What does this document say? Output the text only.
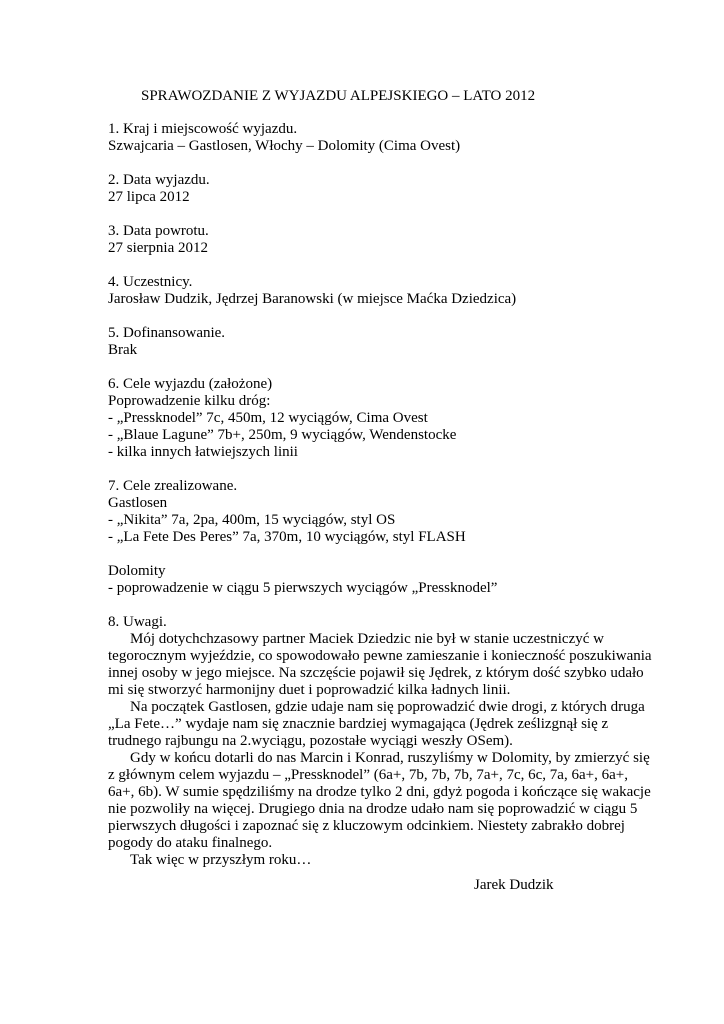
SPRAWOZDANIE Z WYJAZDU ALPEJSKIEGO – LATO 2012
1. Kraj i miejscowość wyjazdu.
Szwajcaria – Gastlosen, Włochy – Dolomity (Cima Ovest)
2. Data wyjazdu.
27 lipca 2012
3. Data powrotu.
27 sierpnia 2012
4. Uczestnicy.
Jarosław Dudzik, Jędrzej Baranowski (w miejsce Maćka Dziedzica)
5. Dofinansowanie.
Brak
6. Cele wyjazdu (założone)
Poprowadzenie kilku dróg:
- „Pressknodel” 7c, 450m, 12 wyciągów, Cima Ovest
- „Blaue Lagune” 7b+, 250m, 9 wyciągów, Wendenstocke
- kilka innych łatwiejszych linii
7. Cele zrealizowane.
Gastlosen
- „Nikita” 7a, 2pa, 400m, 15 wyciągów, styl OS
- „La Fete Des Peres” 7a, 370m, 10 wyciągów, styl FLASH
Dolomity
- poprowadzenie w ciągu 5 pierwszych wyciągów „Pressknodel”
8. Uwagi.
Mój dotychchzasowy partner Maciek Dziedzic nie był w stanie uczestniczyć w
tegorocznym wyjeździe, co spowodowało pewne zamieszanie i konieczność poszukiwania
innej osoby w jego miejsce. Na szczęście pojawił się Jędrek, z którym dość szybko udało
mi się stworzyć harmonijny duet i poprowadzić kilka ładnych linii.
Na początek Gastlosen, gdzie udaje nam się poprowadzić dwie drogi, z których druga
„La Fete…” wydaje nam się znacznie bardziej wymagająca (Jędrek ześlizgnął się z
trudnego rajbungu na 2.wyciągu, pozostałe wyciągi weszły OSem).
Gdy w końcu dotarli do nas Marcin i Konrad, ruszyliśmy w Dolomity, by zmierzyć się
z głównym celem wyjazdu – „Pressknodel” (6a+, 7b, 7b, 7b, 7a+, 7c, 6c, 7a, 6a+, 6a+,
6a+, 6b). W sumie spędziliśmy na drodze tylko 2 dni, gdyż pogoda i kończące się wakacje
nie pozwoliły na więcej. Drugiego dnia na drodze udało nam się poprowadzić w ciągu 5
pierwszych długości i zapoznać się z kluczowym odcinkiem. Niestety zabrakło dobrej
pogody do ataku finalnego.
Tak więc w przyszłym roku…
Jarek Dudzik
